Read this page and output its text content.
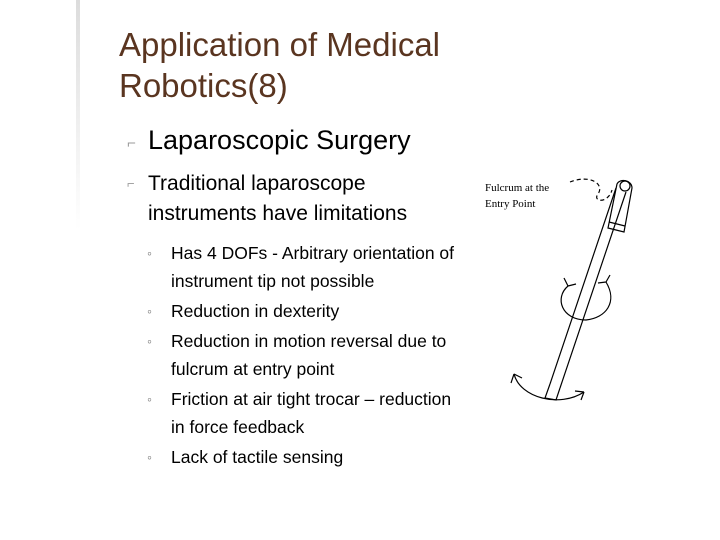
Application of Medical
Robotics(8)
⌐ Laparoscopic Surgery
⌐ Traditional laparoscope instruments have limitations
◦ Has 4 DOFs - Arbitrary orientation of instrument tip not possible
◦ Reduction in dexterity
◦ Reduction in motion reversal due to fulcrum at entry point
◦ Friction at air tight trocar – reduction in force feedback
◦ Lack of tactile sensing
Fulcrum at the
Entry Point
